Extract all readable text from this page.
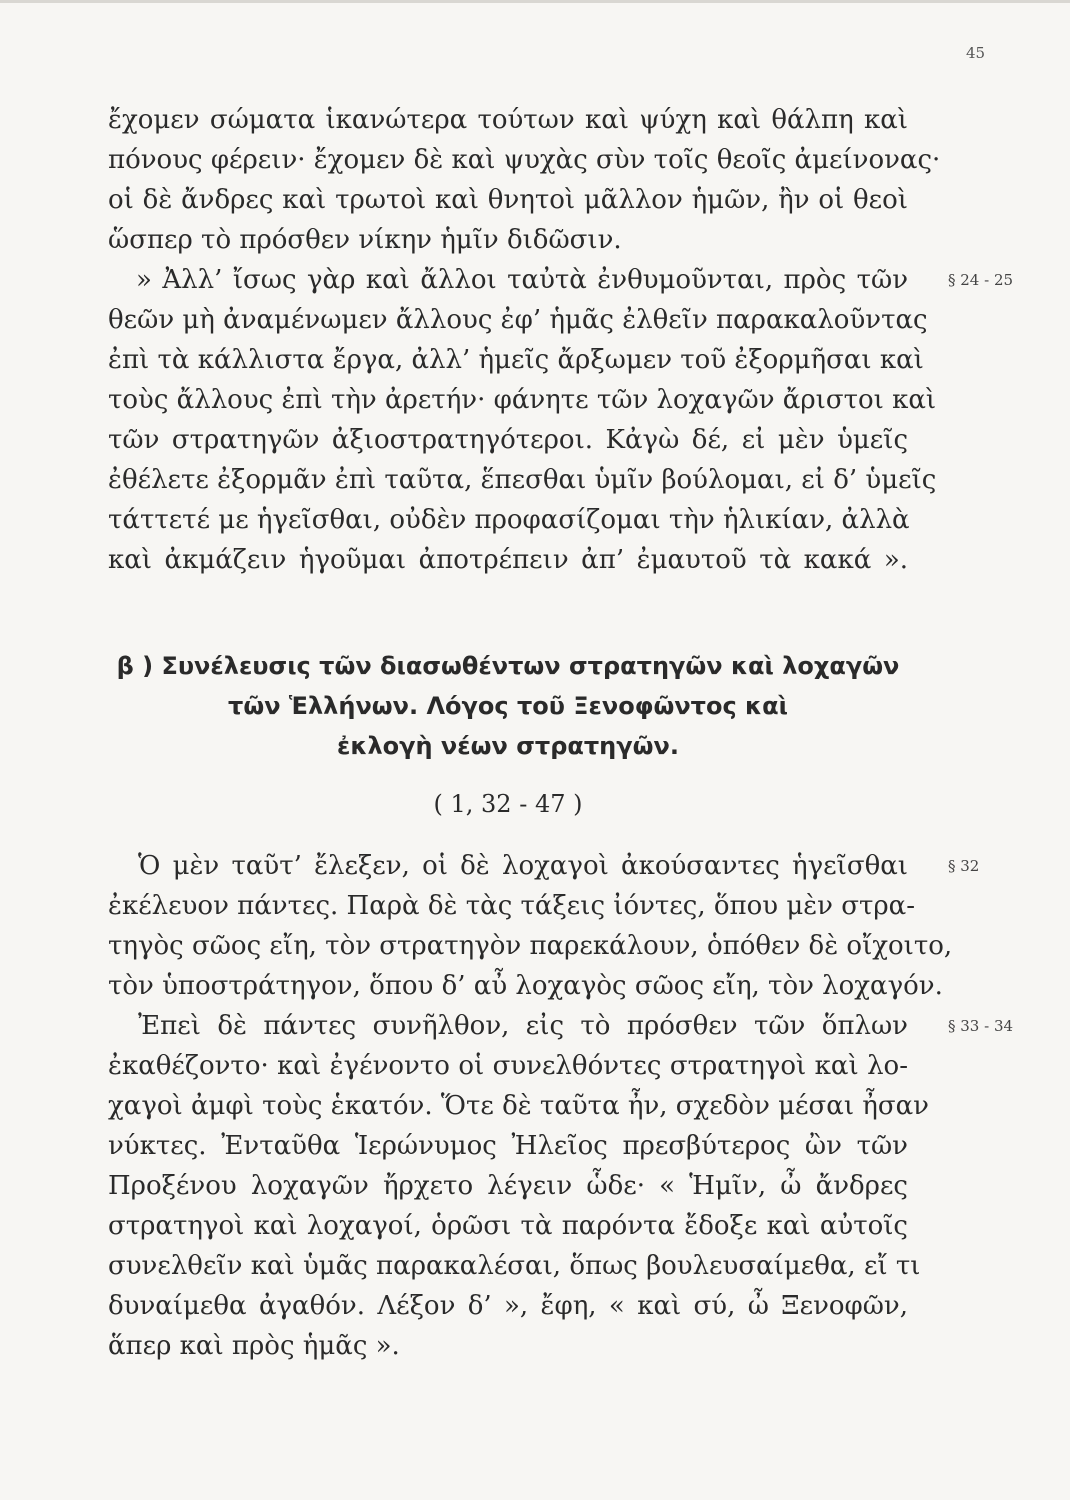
45
ἔχομεν σώματα ἱκανώτερα τούτων καὶ ψύχη καὶ θάλπη καὶ
πόνους φέρειν· ἔχομεν δὲ καὶ ψυχὰς σὺν τοῖς θεοῖς ἀμείνονας·
οἱ δὲ ἄνδρες καὶ τρωτοὶ καὶ θνητοὶ μᾶλλον ἡμῶν, ἢν οἱ θεοὶ
ὥσπερ τὸ πρόσθεν νίκην ἡμῖν διδῶσιν.
» Ἀλλ’ ἴσως γὰρ καὶ ἄλλοι ταὐτὰ ἐνθυμοῦνται, πρὸς τῶν
θεῶν μὴ ἀναμένωμεν ἄλλους ἐφ’ ἡμᾶς ἐλθεῖν παρακαλοῦντας
ἐπὶ τὰ κάλλιστα ἔργα, ἀλλ’ ἡμεῖς ἄρξωμεν τοῦ ἐξορμῆσαι καὶ
τοὺς ἄλλους ἐπὶ τὴν ἀρετήν· φάνητε τῶν λοχαγῶν ἄριστοι καὶ
τῶν στρατηγῶν ἀξιοστρατηγότεροι. Κἀγὼ δέ, εἰ μὲν ὑμεῖς
ἐθέλετε ἐξορμᾶν ἐπὶ ταῦτα, ἕπεσθαι ὑμῖν βούλομαι, εἰ δ’ ὑμεῖς
τάττετέ με ἡγεῖσθαι, οὐδὲν προφασίζομαι τὴν ἡλικίαν, ἀλλὰ
καὶ ἀκμάζειν ἡγοῦμαι ἀποτρέπειν ἀπ’ ἐμαυτοῦ τὰ κακά ».
§ 24 - 25
β ) Συνέλευσις τῶν διασωθέντων στρατηγῶν καὶ λοχαγῶν
τῶν Ἑλλήνων. Λόγος τοῦ Ξενοφῶντος καὶ
ἐκλογὴ νέων στρατηγῶν.
( 1, 32 - 47 )
Ὁ μὲν ταῦτ’ ἔλεξεν, οἱ δὲ λοχαγοὶ ἀκούσαντες ἡγεῖσθαι
ἐκέλευον πάντες. Παρὰ δὲ τὰς τάξεις ἰόντες, ὅπου μὲν στρα-
τηγὸς σῶος εἴη, τὸν στρατηγὸν παρεκάλουν, ὁπόθεν δὲ οἴχοιτο,
τὸν ὑποστράτηγον, ὅπου δ’ αὖ λοχαγὸς σῶος εἴη, τὸν λοχαγόν.
Ἐπεὶ δὲ πάντες συνῆλθον, εἰς τὸ πρόσθεν τῶν ὅπλων
ἐκαθέζοντο· καὶ ἐγένοντο οἱ συνελθόντες στρατηγοὶ καὶ λο-
χαγοὶ ἀμφὶ τοὺς ἑκατόν. Ὅτε δὲ ταῦτα ἦν, σχεδὸν μέσαι ἦσαν
νύκτες. Ἐνταῦθα Ἱερώνυμος Ἠλεῖος πρεσβύτερος ὢν τῶν
Προξένου λοχαγῶν ἤρχετο λέγειν ὧδε· « Ἡμῖν, ὦ ἄνδρες
στρατηγοὶ καὶ λοχαγοί, ὁρῶσι τὰ παρόντα ἔδοξε καὶ αὐτοῖς
συνελθεῖν καὶ ὑμᾶς παρακαλέσαι, ὅπως βουλευσαίμεθα, εἴ τι
δυναίμεθα ἀγαθόν. Λέξον δ’ », ἔφη, « καὶ σύ, ὦ Ξενοφῶν,
ἅπερ καὶ πρὸς ἡμᾶς ».
§ 32
§ 33 - 34
